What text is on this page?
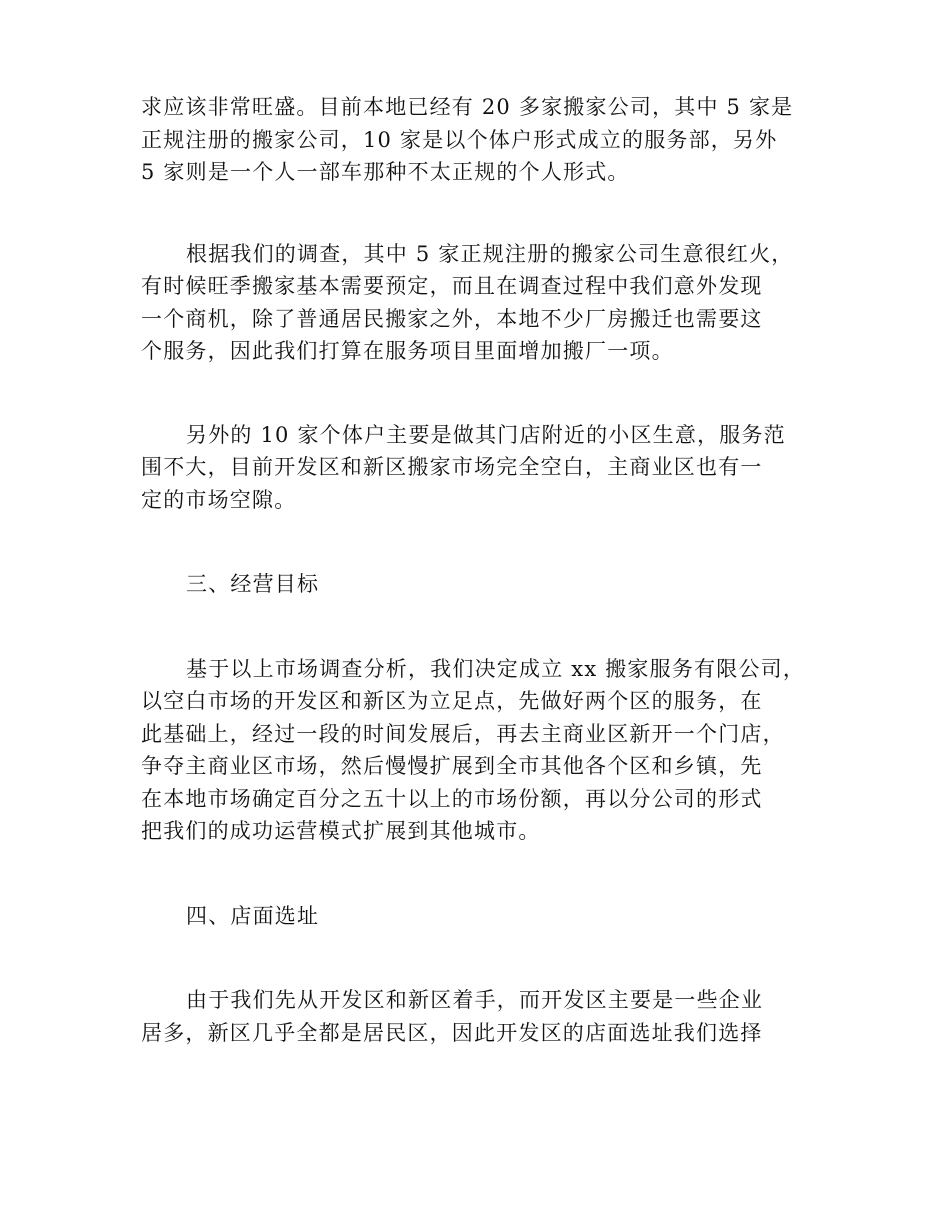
求应该非常旺盛。目前本地已经有 20 多家搬家公司，其中 5 家是
正规注册的搬家公司，10 家是以个体户形式成立的服务部，另外
5 家则是一个人一部车那种不太正规的个人形式。
根据我们的调查，其中 5 家正规注册的搬家公司生意很红火，
有时候旺季搬家基本需要预定，而且在调查过程中我们意外发现
一个商机，除了普通居民搬家之外，本地不少厂房搬迁也需要这
个服务，因此我们打算在服务项目里面增加搬厂一项。
另外的 10 家个体户主要是做其门店附近的小区生意，服务范
围不大，目前开发区和新区搬家市场完全空白，主商业区也有一
定的市场空隙。
三、经营目标
基于以上市场调查分析，我们决定成立 xx 搬家服务有限公司，
以空白市场的开发区和新区为立足点，先做好两个区的服务，在
此基础上，经过一段的时间发展后，再去主商业区新开一个门店，
争夺主商业区市场，然后慢慢扩展到全市其他各个区和乡镇，先
在本地市场确定百分之五十以上的市场份额，再以分公司的形式
把我们的成功运营模式扩展到其他城市。
四、店面选址
由于我们先从开发区和新区着手，而开发区主要是一些企业
居多，新区几乎全都是居民区，因此开发区的店面选址我们选择
